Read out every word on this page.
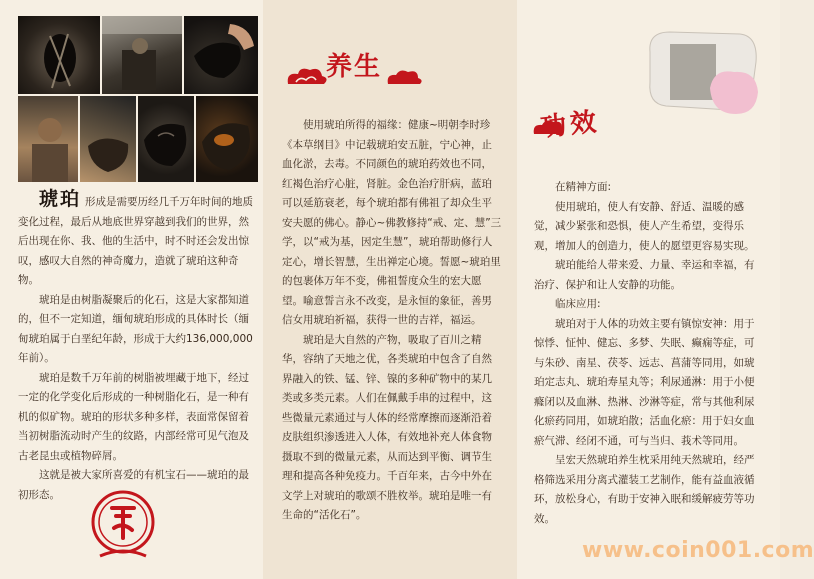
琥珀 形成是需要历经几千万年时间的地质变化过程，最后从地底世界穿越到我们的世界，然后出现在你、我、他的生活中，时不时还会发出惊叹，感叹大自然的神奇魔力，造就了琥珀这种奇物。

琥珀是由树脂凝聚后的化石，这是大家都知道的，但不一定知道，缅甸琥珀形成的具体时长（缅甸琥珀属于白垩纪年龄，形成于大约136,000,000年前）。

琥珀是数千万年前的树脂被埋藏于地下，经过一定的化学变化后形成的一种树脂化石，是一种有机的似矿物。琥珀的形状多种多样，表面常保留着当初树脂流动时产生的纹路，内部经常可见气泡及古老昆虫或植物碎屑。

这就是被大家所喜爱的有机宝石——琥珀的最初形态。

养生

使用琥珀所得的福缘：健康~明朝李时珍《本草纲目》中记载琥珀安五脏，宁心神，止血化淤，去毒。不同颜色的琥珀药效也不同，红褐色治疗心脏，肾脏。金色治疗肝病，蓝珀可以延筋衰老，每个琥珀都有佛祖了却众生平安夫愿的佛心。静心~佛教修持“戒、定、慧”三学，以“戒为基，因定生慧”，琥珀帮助修行人定心，增长智慧，生出禅定心境。誓愿~琥珀里的包裹体万年不变，佛祖誓度众生的宏大愿望。喻意誓言永不改变，是永恒的象征，善男信女用琥珀祈福，获得一世的吉祥，福运。

琥珀是大自然的产物，吸取了百川之精华，容纳了天地之优，各类琥珀中包含了自然界融入的铁、锰、锌、镍的多种矿物中的某几类或多类元素。人们在佩戴手串的过程中，这些微量元素通过与人体的经常摩擦而逐渐沿着皮肤组织渗透进入人体，有效地补充人体食物摄取不到的微量元素，从而达到平衡、调节生理和提高各种免疫力。千百年来，古今中外在文学上对琥珀的歌颂不胜枚举。琥珀是唯一有生命的“活化石”。

功效

在精神方面:

使用琥珀，使人有安静、舒适、温暖的感觉，减少紧张和恐惧，使人产生希望，变得乐观，增加人的创造力，使人的愿望更容易实现。

琥珀能给人带来爱、力量、幸运和幸福，有治疗、保护和让人安静的功能。

临床应用:

琥珀对于人体的功效主要有镇惊安神：用于惊悸、怔忡、健忘、多梦、失眠、癫痫等症，可与朱砂、南星、茯苓、远志、菖蒲等同用，如琥珀定志丸、琥珀寿星丸等；利尿通淋：用于小便癃闭以及血淋、热淋、沙淋等症，常与其他利尿化瘀药同用，如琥珀散；活血化瘀：用于妇女血瘀气滞、经闭不通，可与当归、莪术等同用。

呈宏天然琥珀养生枕采用纯天然琥珀，经严格筛选采用分离式灌装工艺制作，能有益血液循环，放松身心，有助于安神入眠和缓解疲劳等功效。

www.coin001.com
